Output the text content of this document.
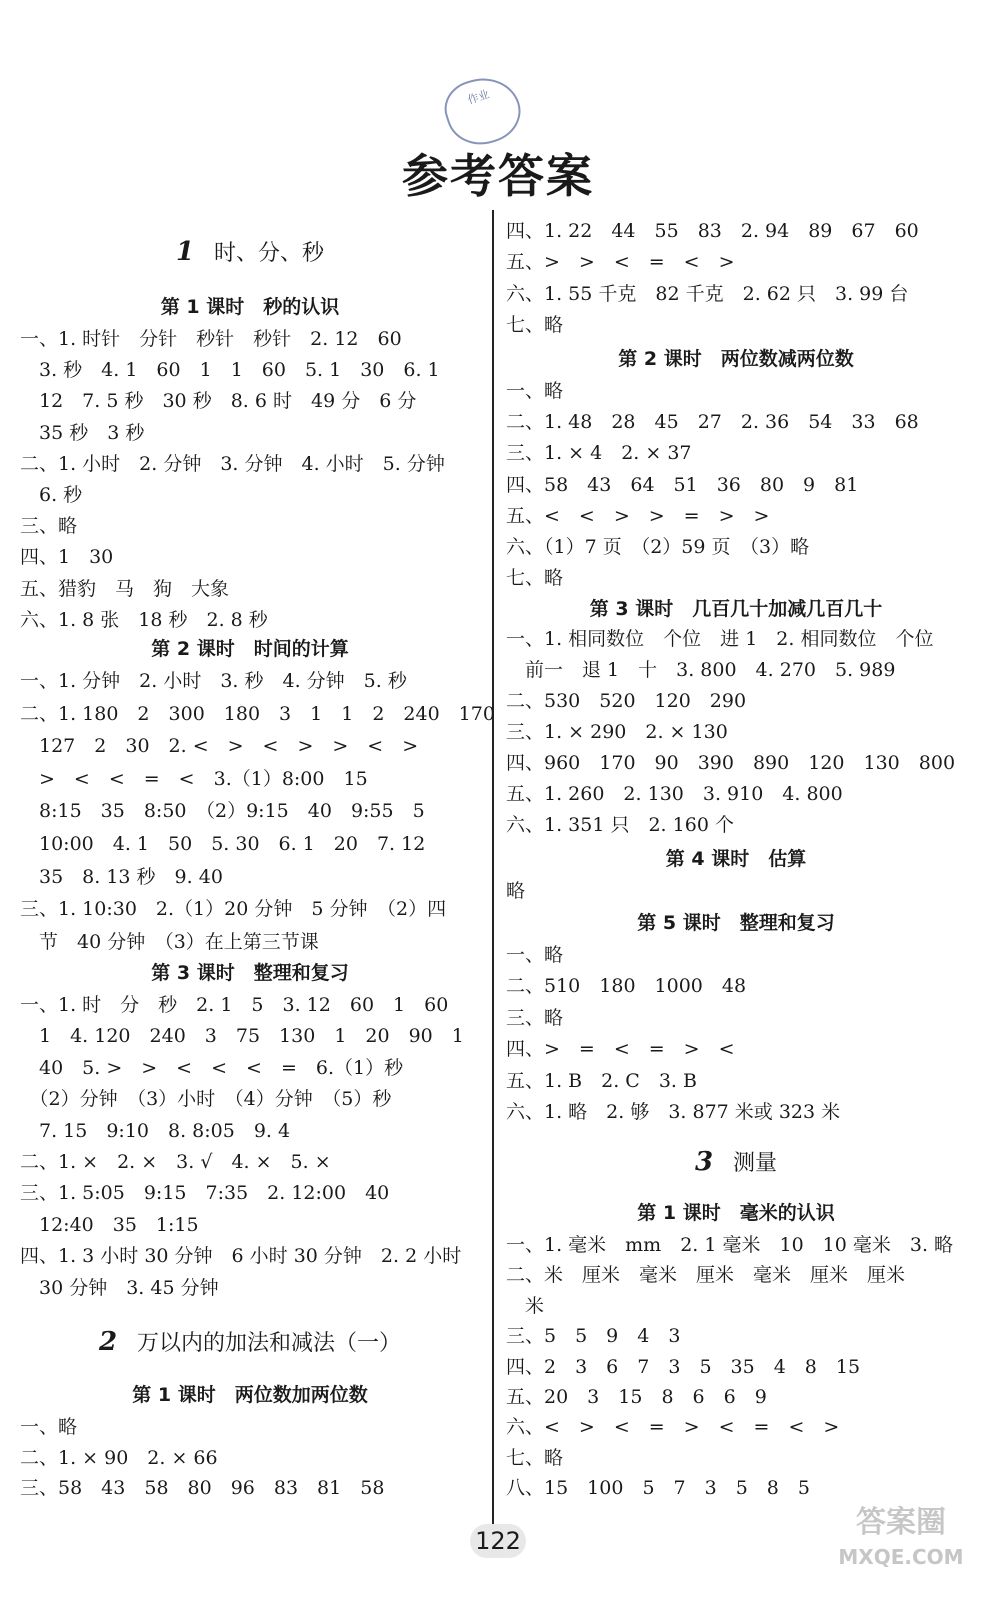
作业
参考答案
1 时、分、秒
第 1 课时　秒的认识
一、1. 时针　分针　秒针　秒针　2. 12　60
　3. 秒　4. 1　60　1　1　60　5. 1　30　6. 1
　12　7. 5 秒　30 秒　8. 6 时　49 分　6 分
　35 秒　3 秒
二、1. 小时　2. 分钟　3. 分钟　4. 小时　5. 分钟
　6. 秒
三、略
四、1　30
五、猎豹　马　狗　大象
六、1. 8 张　18 秒　2. 8 秒
第 2 课时　时间的计算
一、1. 分钟　2. 小时　3. 秒　4. 分钟　5. 秒
二、1. 180　2　300　180　3　1　1　2　240　170
　127　2　30　2. <　>　<　>　>　<　>
　>　<　<　=　<　3.（1）8:00　15
　8:15　35　8:50　（2）9:15　40　9:55　5
　10:00　4. 1　50　5. 30　6. 1　20　7. 12
　35　8. 13 秒　9. 40
三、1. 10:30　2.（1）20 分钟　5 分钟　（2）四
　节　40 分钟　（3）在上第三节课
第 3 课时　整理和复习
一、1. 时　分　秒　2. 1　5　3. 12　60　1　60
　1　4. 120　240　3　75　130　1　20　90　1
　40　5. >　>　<　<　<　=　6.（1）秒
　（2）分钟　（3）小时　（4）分钟　（5）秒
　7. 15　9:10　8. 8:05　9. 4
二、1. ×　2. ×　3. √　4. ×　5. ×
三、1. 5:05　9:15　7:35　2. 12:00　40
　12:40　35　1:15
四、1. 3 小时 30 分钟　6 小时 30 分钟　2. 2 小时
　30 分钟　3. 45 分钟
2 万以内的加法和减法（一）
第 1 课时　两位数加两位数
一、略
二、1. × 90　2. × 66
三、58　43　58　80　96　83　81　58
四、1. 22　44　55　83　2. 94　89　67　60
五、>　>　<　=　<　>
六、1. 55 千克　82 千克　2. 62 只　3. 99 台
七、略
第 2 课时　两位数减两位数
一、略
二、1. 48　28　45　27　2. 36　54　33　68
三、1. × 4　2. × 37
四、58　43　64　51　36　80　9　81
五、<　<　>　>　=　>　>
六、（1）7 页　（2）59 页　（3）略
七、略
第 3 课时　几百几十加减几百几十
一、1. 相同数位　个位　进 1　2. 相同数位　个位
　前一　退 1　十　3. 800　4. 270　5. 989
二、530　520　120　290
三、1. × 290　2. × 130
四、960　170　90　390　890　120　130　800
五、1. 260　2. 130　3. 910　4. 800
六、1. 351 只　2. 160 个
第 4 课时　估算
略
第 5 课时　整理和复习
一、略
二、510　180　1000　48
三、略
四、>　=　<　=　>　<
五、1. B　2. C　3. B
六、1. 略　2. 够　3. 877 米或 323 米
3 测量
第 1 课时　毫米的认识
一、1. 毫米　mm　2. 1 毫米　10　10 毫米　3. 略
二、米　厘米　毫米　厘米　毫米　厘米　厘米
　米
三、5　5　9　4　3
四、2　3　6　7　3　5　35　4　8　15
五、20　3　15　8　6　6　9
六、<　>　<　=　>　<　=　<　>
七、略
八、15　100　5　7　3　5　8　5
122
答案圈
MXQE.COM
